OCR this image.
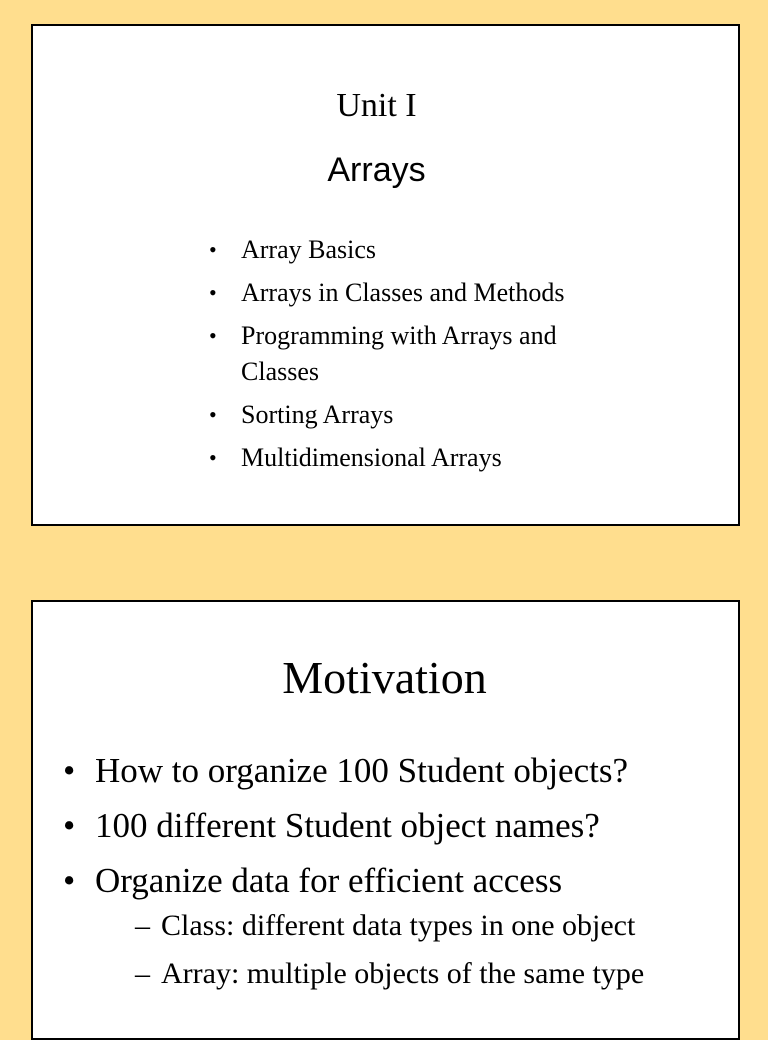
Unit I
Arrays
• Array Basics
• Arrays in Classes and Methods
• Programming with Arrays and Classes
• Sorting Arrays
• Multidimensional Arrays
Motivation
• How to organize 100 Student objects?
• 100 different Student object names?
• Organize data for efficient access
– Class: different data types in one object
– Array: multiple objects of the same type
